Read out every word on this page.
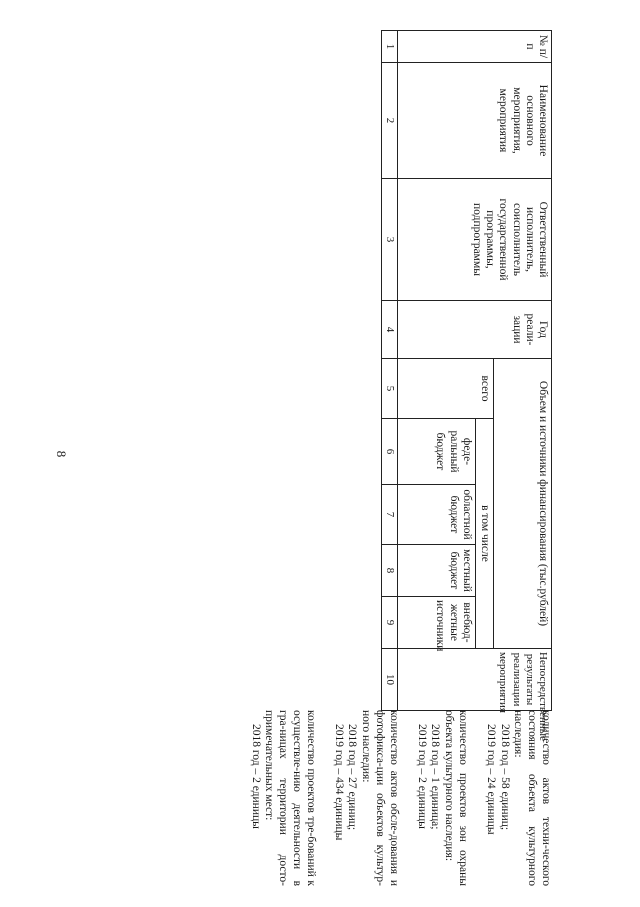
8
№ п/п	Наименование основного мероприятия, мероприятия	Ответственный исполнитель, соисполнитель государственной программы, подпрограммы	Год реали-зации	Объем и источники финансирования (тыс.рублей)					Непосредственные результаты реализации мероприятия
				всего	в том числе				
					феде-ральный бюджет	областной бюджет	местный бюджет	внебюд-жетные источники	
1	2	3	4	5	6	7	8	9	10

количество актов техни-ческого состояния объекта культурного наследия:
2018 год – 58 единиц;
2019 год – 24 единицы

количество проектов зон охраны объекта культурного наследия:
2018 год – 1 единица;
2019 год – 2 единицы

количество актов обсле-дования и фотофикса-ции объектов культур-ного наследия:
2018 год – 27 единиц;
2019 год – 434 единицы

количество проектов тре-бований к осуществле-нию деятельности в гра-ницах территории досто-примечательных мест:
2018 год – 2 единицы
